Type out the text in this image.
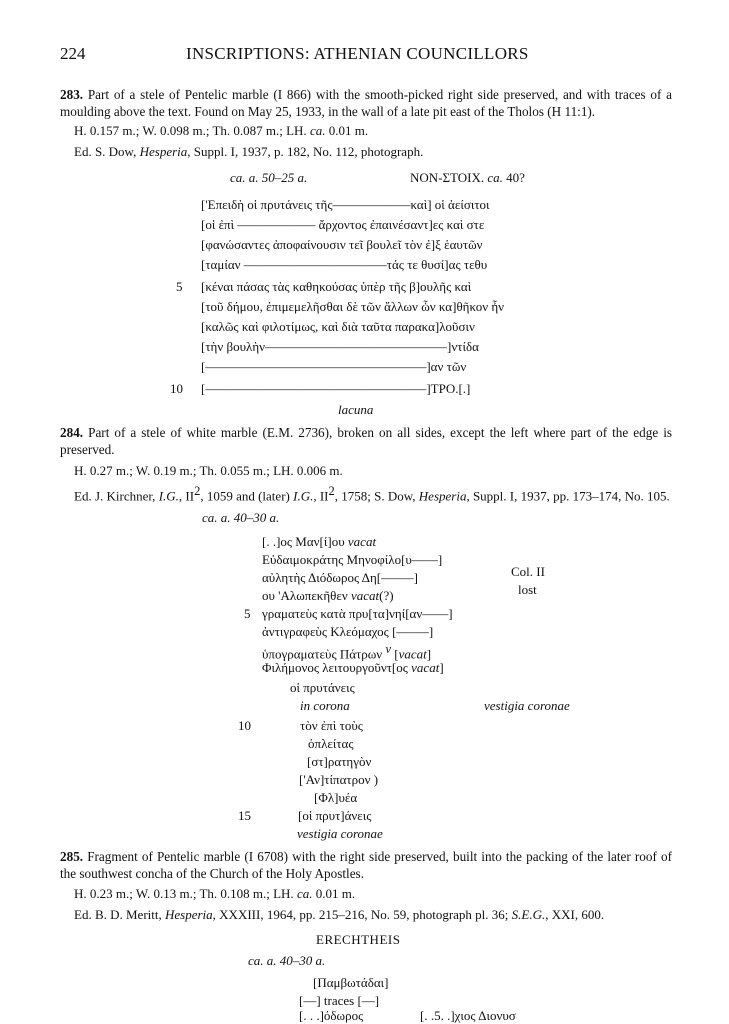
224	INSCRIPTIONS: ATHENIAN COUNCILLORS
283. Part of a stele of Pentelic marble (I 866) with the smooth-picked right side preserved, and with traces of a moulding above the text. Found on May 25, 1933, in the wall of a late pit east of the Tholos (H 11:1).
H. 0.157 m.; W. 0.098 m.; Th. 0.087 m.; LH. ca. 0.01 m.
Ed. S. Dow, Hesperia, Suppl. I, 1937, p. 182, No. 112, photograph.
ca. a. 50–25 a.	NON-ΣΤΟΙΧ. ca. 40?
['Επειδὴ οἱ πρυτάνεις τῆς––––––––––––καὶ] οἱ ἀείσιτοι
[οἱ ἐπὶ –––––––––––– ἄρχοντος ἐπαινέσαντ]ες καὶ στε
[φανώσαντες ἀποφαίνουσιν τεῖ βουλεῖ τὸν ἐ]ξ ἑαυτῶν
[ταμίαν ––––––––––––––––––––––τάς τε θυσί]ας τεθυ
5 [κέναι πάσας τὰς καθηκούσας ὑπὲρ τῆς β]ουλῆς καὶ
[τοῦ δήμου, ἐπιμεμελῆσθαι δὲ τῶν ἄλλων ὧν κα]θῆκον ἦν
[καλῶς καὶ φιλοτίμως, καὶ διὰ ταῦτα παρακα]λοῦσιν
[τὴν βουλὴν––––––––––––––––––––––––––––]ντίδα
[––––––––––––––––––––––––––––––––––]αν τῶν
10 [––––––––––––––––––––––––––––––––––]ΤΡΟ.[.]
lacuna
284. Part of a stele of white marble (E.M. 2736), broken on all sides, except the left where part of the edge is preserved.
H. 0.27 m.; W. 0.19 m.; Th. 0.055 m.; LH. 0.006 m.
Ed. J. Kirchner, I.G., $II^2$, 1059 and (later) I.G., $II^2$, 1758; S. Dow, Hesperia, Suppl. I, 1937, pp. 173–174, No. 105.
ca. a. 40–30 a.
[. .]ος Μαν[ί]ου vacat
Εὐδαιμοκράτης Μηνοφίλο[υ––––]
αὐλητὴς Διόδωρος Δη[–––––]
ου 'Αλωπεκῆθεν vacat(?)
5 γραματεὺς κατὰ πρυ[τα]νηί[αν––––]
ἀντιγραφεὺς Κλεόμαχος [–––––]
ὑπογραματεὺς Πάτρων $^v$ [vacat]
Φιλήμονος λειτουργοῦντ[ος vacat]
Col. II
lost
οἱ πρυτάνεις
in corona	vestigia coronae
10	τὸν ἐπὶ τοὺς
ὁπλείτας
[στ]ρατηγὸν
['Αν]τίπατρον )
[Φλ]υέα
15	[οἱ πρυτ]άνεις
vestigia coronae
285. Fragment of Pentelic marble (I 6708) with the right side preserved, built into the packing of the later roof of the southwest concha of the Church of the Holy Apostles.
H. 0.23 m.; W. 0.13 m.; Th. 0.108 m.; LH. ca. 0.01 m.
Ed. B. D. Meritt, Hesperia, XXXIII, 1964, pp. 215–216, No. 59, photograph pl. 36; S.E.G., XXI, 600.
ERECHTHEIS
ca. a. 40–30 a.
[Παμβωτάδαι]
[––] traces [––]
[. . .]όδωρος	[. .5. .]χιος Διονυσ
